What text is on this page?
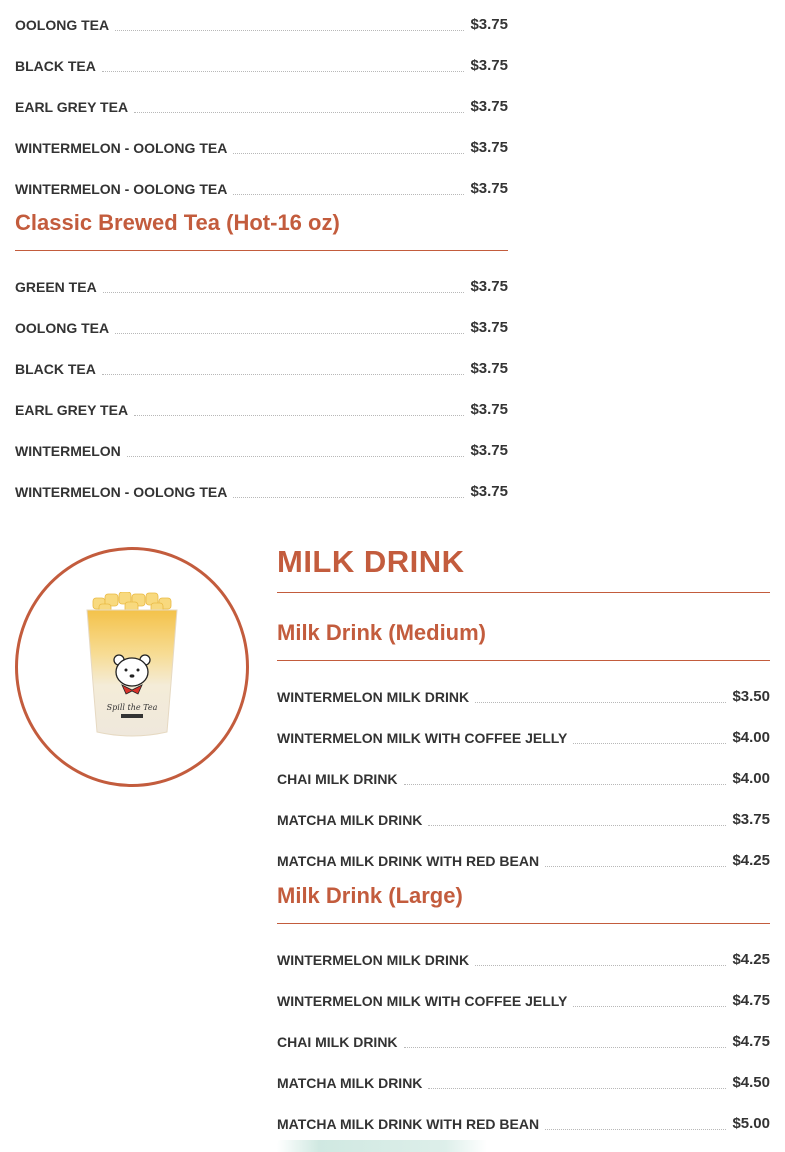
OOLONG TEA	$3.75
BLACK TEA	$3.75
EARL GREY TEA	$3.75
WINTERMELON - OOLONG TEA	$3.75
WINTERMELON - OOLONG TEA	$3.75
Classic Brewed Tea (Hot-16 oz)
GREEN TEA	$3.75
OOLONG TEA	$3.75
BLACK TEA	$3.75
EARL GREY TEA	$3.75
WINTERMELON	$3.75
WINTERMELON - OOLONG TEA	$3.75
Spill the Tea
MILK DRINK
Milk Drink (Medium)
WINTERMELON MILK DRINK	$3.50
WINTERMELON MILK WITH COFFEE JELLY	$4.00
CHAI MILK DRINK	$4.00
MATCHA MILK DRINK	$3.75
MATCHA MILK DRINK WITH RED BEAN	$4.25
Milk Drink (Large)
WINTERMELON MILK DRINK	$4.25
WINTERMELON MILK WITH COFFEE JELLY	$4.75
CHAI MILK DRINK	$4.75
MATCHA MILK DRINK	$4.50
MATCHA MILK DRINK WITH RED BEAN	$5.00
